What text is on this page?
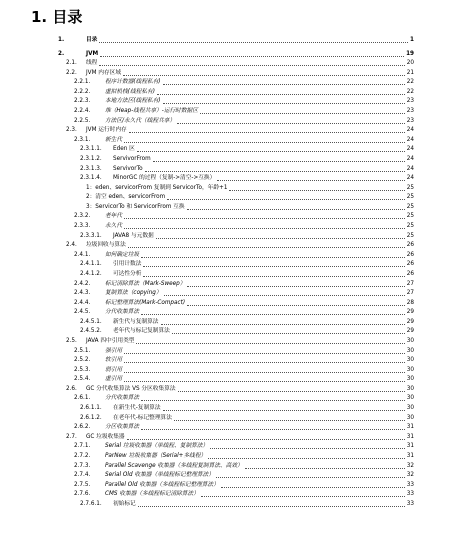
1. 目录
1.	目录	1
2.	JVM	19
2.1. 线程	20
2.2. JVM 内存区域	21
2.2.1.	程序计数器(线程私有)	22
2.2.2.	虚拟机栈(线程私有)	22
2.2.3.	本地方法区(线程私有)	23
2.2.4.	堆（Heap-线程共享）-运行时数据区	23
2.2.5.	方法区/永久代（线程共享）	23
2.3. JVM 运行时内存	24
2.3.1.	新生代	24
2.3.1.1. Eden 区	24
2.3.1.2. ServivorFrom	24
2.3.1.3. ServivorTo	24
2.3.1.4. MinorGC 的过程（复制->清空->互换）	24
1：eden、servicorFrom 复制到 ServicorTo，年龄+1	25
2：清空 eden、servicorFrom	25
3：ServicorTo 和 ServicorFrom 互换	25
2.3.2.	老年代	25
2.3.3.	永久代	25
2.3.3.1. JAVA8 与元数据	25
2.4. 垃圾回收与算法	26
2.4.1.	如何确定垃圾	26
2.4.1.1. 引用计数法	26
2.4.1.2. 可达性分析	26
2.4.2.	标记清除算法（Mark-Sweep）	27
2.4.3.	复制算法（copying）	27
2.4.4.	标记整理算法(Mark-Compact)	28
2.4.5.	分代收集算法	29
2.4.5.1. 新生代与复制算法	29
2.4.5.2. 老年代与标记复制算法	29
2.5. JAVA 四中引用类型	30
2.5.1.	强引用	30
2.5.2.	软引用	30
2.5.3.	弱引用	30
2.5.4.	虚引用	30
2.6. GC 分代收集算法 VS 分区收集算法	30
2.6.1.	分代收集算法	30
2.6.1.1. 在新生代-复制算法	30
2.6.1.2. 在老年代-标记整理算法	30
2.6.2.	分区收集算法	31
2.7. GC 垃圾收集器	31
2.7.1.	Serial 垃圾收集器（单线程、复制算法）	31
2.7.2.	ParNew 垃圾收集器（Serial+多线程）	31
2.7.3.	Parallel Scavenge 收集器（多线程复制算法、高效）	32
2.7.4.	Serial Old 收集器（单线程标记整理算法）	32
2.7.5.	Parallel Old 收集器（多线程标记整理算法）	33
2.7.6.	CMS 收集器（多线程标记清除算法）	33
2.7.6.1. 初始标记	33
